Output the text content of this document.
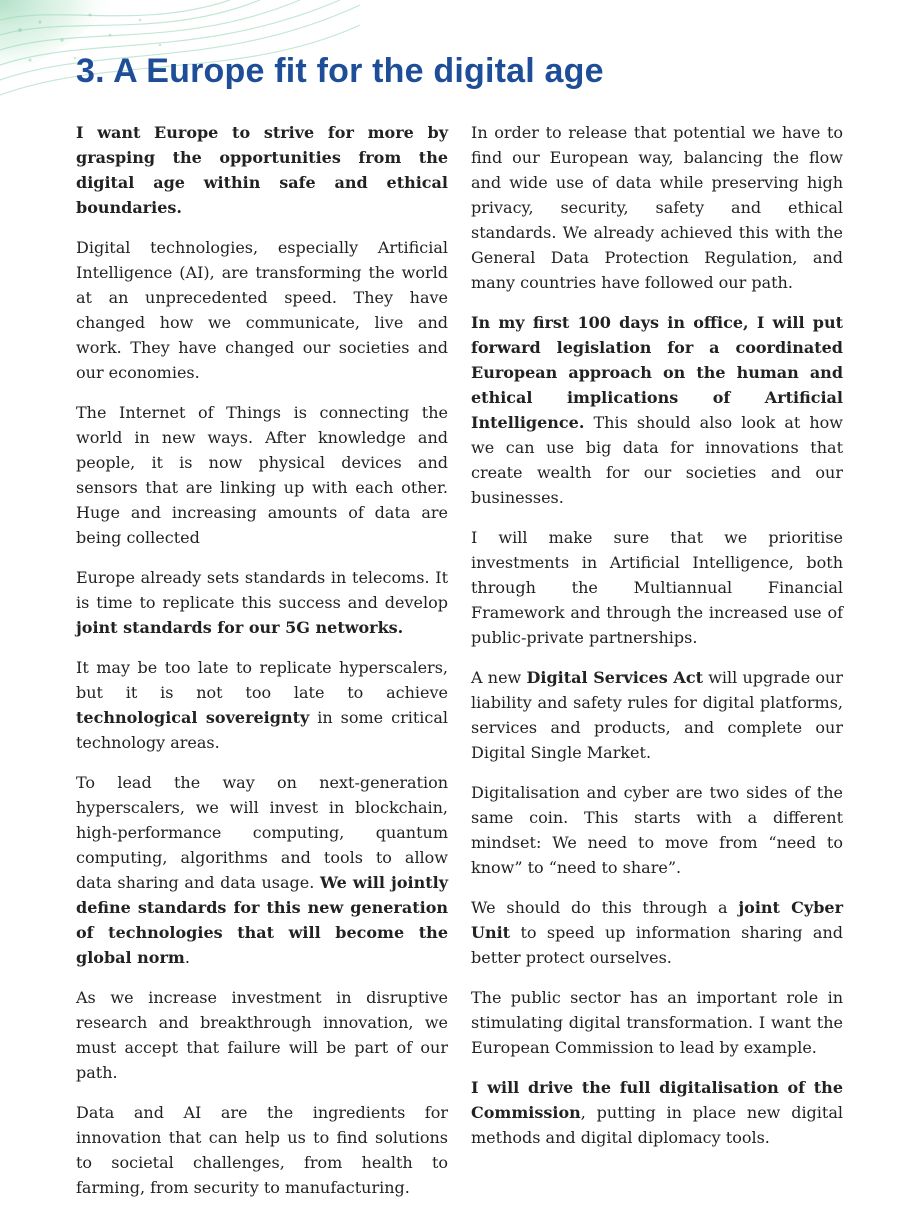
3. A Europe fit for the digital age

I want Europe to strive for more by grasping the opportunities from the digital age within safe and ethical boundaries.

Digital technologies, especially Artificial Intelligence (AI), are transforming the world at an unprecedented speed. They have changed how we communicate, live and work. They have changed our societies and our economies.

The Internet of Things is connecting the world in new ways. After knowledge and people, it is now physical devices and sensors that are linking up with each other. Huge and increasing amounts of data are being collected

Europe already sets standards in telecoms. It is time to replicate this success and develop joint standards for our 5G networks.

It may be too late to replicate hyperscalers, but it is not too late to achieve technological sovereignty in some critical technology areas.

To lead the way on next-generation hyperscalers, we will invest in blockchain, high-performance computing, quantum computing, algorithms and tools to allow data sharing and data usage. We will jointly define standards for this new generation of technologies that will become the global norm.

As we increase investment in disruptive research and breakthrough innovation, we must accept that failure will be part of our path.

Data and AI are the ingredients for innovation that can help us to find solutions to societal challenges, from health to farming, from security to manufacturing.

In order to release that potential we have to find our European way, balancing the flow and wide use of data while preserving high privacy, security, safety and ethical standards. We already achieved this with the General Data Protection Regulation, and many countries have followed our path.

In my first 100 days in office, I will put forward legislation for a coordinated European approach on the human and ethical implications of Artificial Intelligence. This should also look at how we can use big data for innovations that create wealth for our societies and our businesses.

I will make sure that we prioritise investments in Artificial Intelligence, both through the Multiannual Financial Framework and through the increased use of public-private partnerships.

A new Digital Services Act will upgrade our liability and safety rules for digital platforms, services and products, and complete our Digital Single Market.

Digitalisation and cyber are two sides of the same coin. This starts with a different mindset: We need to move from “need to know” to “need to share”.

We should do this through a joint Cyber Unit to speed up information sharing and better protect ourselves.

The public sector has an important role in stimulating digital transformation. I want the European Commission to lead by example.

I will drive the full digitalisation of the Commission, putting in place new digital methods and digital diplomacy tools.
